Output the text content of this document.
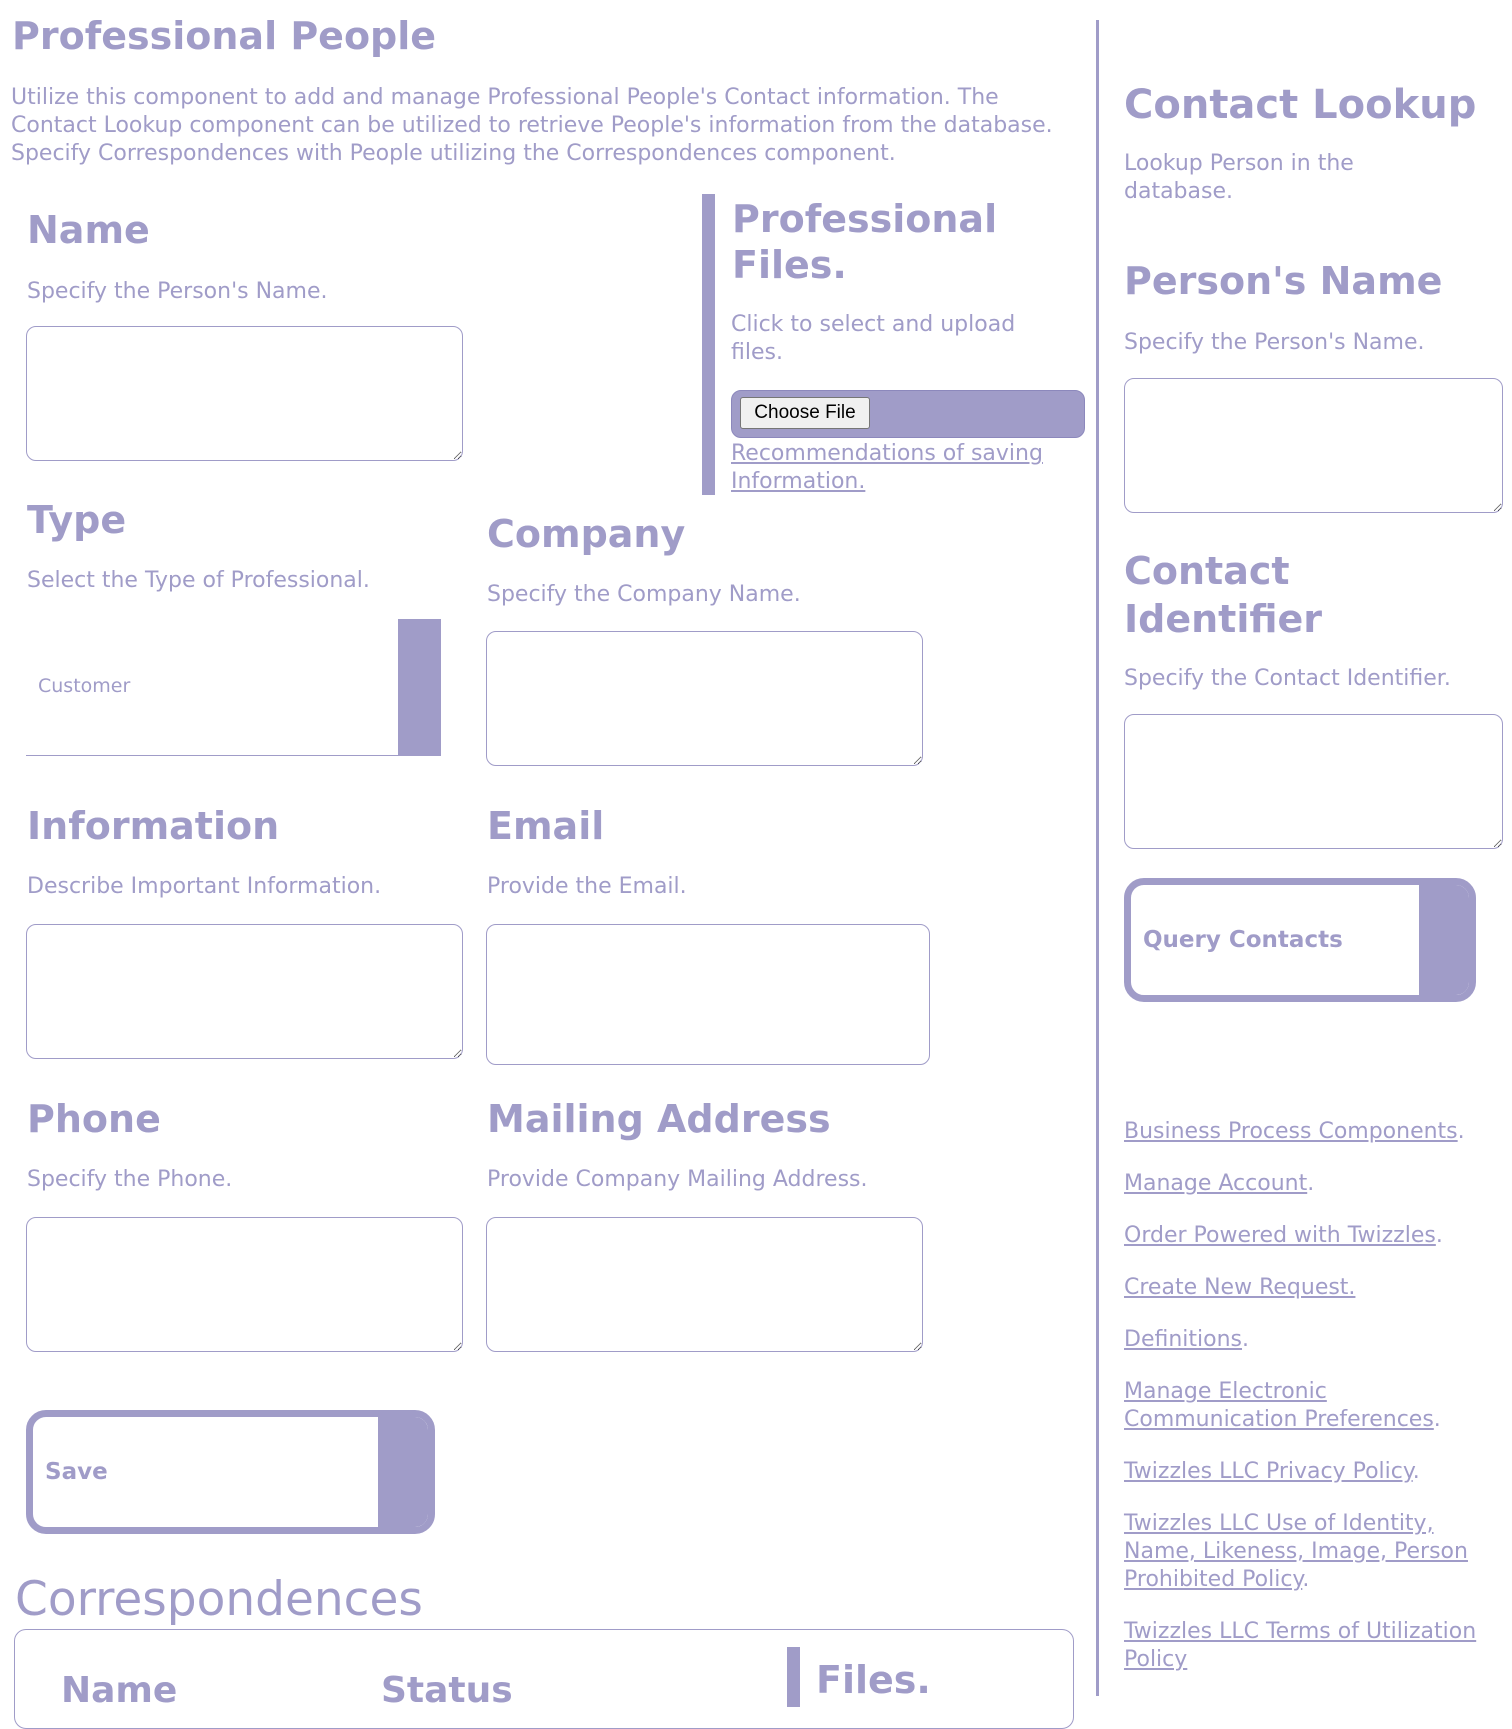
Professional People

Utilize this component to add and manage Professional People's Contact information. The Contact Lookup component can be utilized to retrieve People's information from the database. Specify Correspondences with People utilizing the Correspondences component.

Name

Specify the Person's Name.

Professional Files.

Click to select and upload files.

Choose File
Recommendations of saving Information.
Type

Select the Type of Professional.

Customer
Company

Specify the Company Name.

Information

Describe Important Information.

Email

Provide the Email.

Phone

Specify the Phone.

Mailing Address

Provide Company Mailing Address.

Save
Correspondences
Name	Status	Files.
Contact Lookup

Lookup Person in the database.

Person's Name

Specify the Person's Name.

Contact Identifier

Specify the Contact Identifier.

Query Contacts

Business Process Components.

Manage Account.

Order Powered with Twizzles.

Create New Request.

Definitions.

Manage Electronic Communication Preferences.

Twizzles LLC Privacy Policy.

Twizzles LLC Use of Identity, Name, Likeness, Image, Person Prohibited Policy.

Twizzles LLC Terms of Utilization Policy
